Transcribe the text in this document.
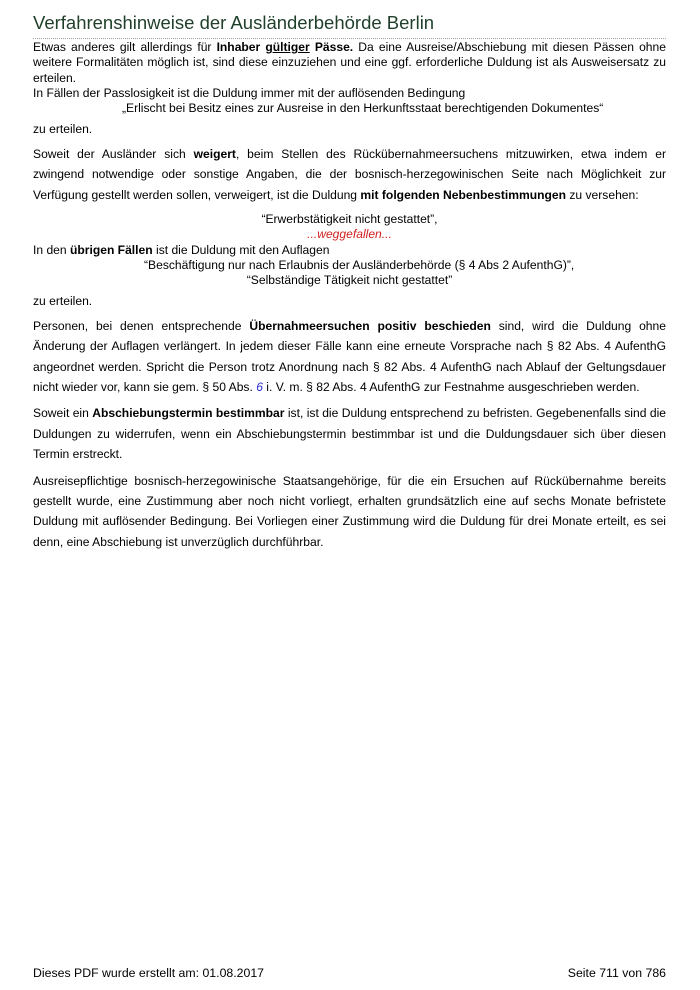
Verfahrenshinweise der Ausländerbehörde Berlin

Etwas anderes gilt allerdings für Inhaber gültiger Pässe. Da eine Ausreise/Abschiebung mit diesen Pässen ohne weitere Formalitäten möglich ist, sind diese einzuziehen und eine ggf. erforderliche Duldung ist als Ausweisersatz zu erteilen.

In Fällen der Passlosigkeit ist die Duldung immer mit der auflösenden Bedingung

„Erlischt bei Besitz eines zur Ausreise in den Herkunftsstaat berechtigenden Dokumentes“

zu erteilen.

Soweit der Ausländer sich weigert, beim Stellen des Rückübernahmeersuchens mitzuwirken, etwa indem er zwingend notwendige oder sonstige Angaben, die der bosnisch-herzegowinischen Seite nach Möglichkeit zur Verfügung gestellt werden sollen, verweigert, ist die Duldung mit folgenden Nebenbestimmungen zu versehen:

“Erwerbstätigkeit nicht gestattet”,

...weggefallen...

In den übrigen Fällen ist die Duldung mit den Auflagen

“Beschäftigung nur nach Erlaubnis der Ausländerbehörde (§ 4 Abs 2 AufenthG)”,

“Selbständige Tätigkeit nicht gestattet”

zu erteilen.

Personen, bei denen entsprechende Übernahmeersuchen positiv beschieden sind, wird die Duldung ohne Änderung der Auflagen verlängert. In jedem dieser Fälle kann eine erneute Vorsprache nach § 82 Abs. 4 AufenthG angeordnet werden. Spricht die Person trotz Anordnung nach § 82 Abs. 4 AufenthG nach Ablauf der Geltungsdauer nicht wieder vor, kann sie gem. § 50 Abs. 6 i. V. m. § 82 Abs. 4 AufenthG zur Festnahme ausgeschrieben werden.

Soweit ein Abschiebungstermin bestimmbar ist, ist die Duldung entsprechend zu befristen. Gegebenenfalls sind die Duldungen zu widerrufen, wenn ein Abschiebungstermin bestimmbar ist und die Duldungsdauer sich über diesen Termin erstreckt.

Ausreisepflichtige bosnisch-herzegowinische Staatsangehörige, für die ein Ersuchen auf Rückübernahme bereits gestellt wurde, eine Zustimmung aber noch nicht vorliegt, erhalten grundsätzlich eine auf sechs Monate befristete Duldung mit auflösender Bedingung. Bei Vorliegen einer Zustimmung wird die Duldung für drei Monate erteilt, es sei denn, eine Abschiebung ist unverzüglich durchführbar.

Dieses PDF wurde erstellt am: 01.08.2017	Seite 711 von 786
